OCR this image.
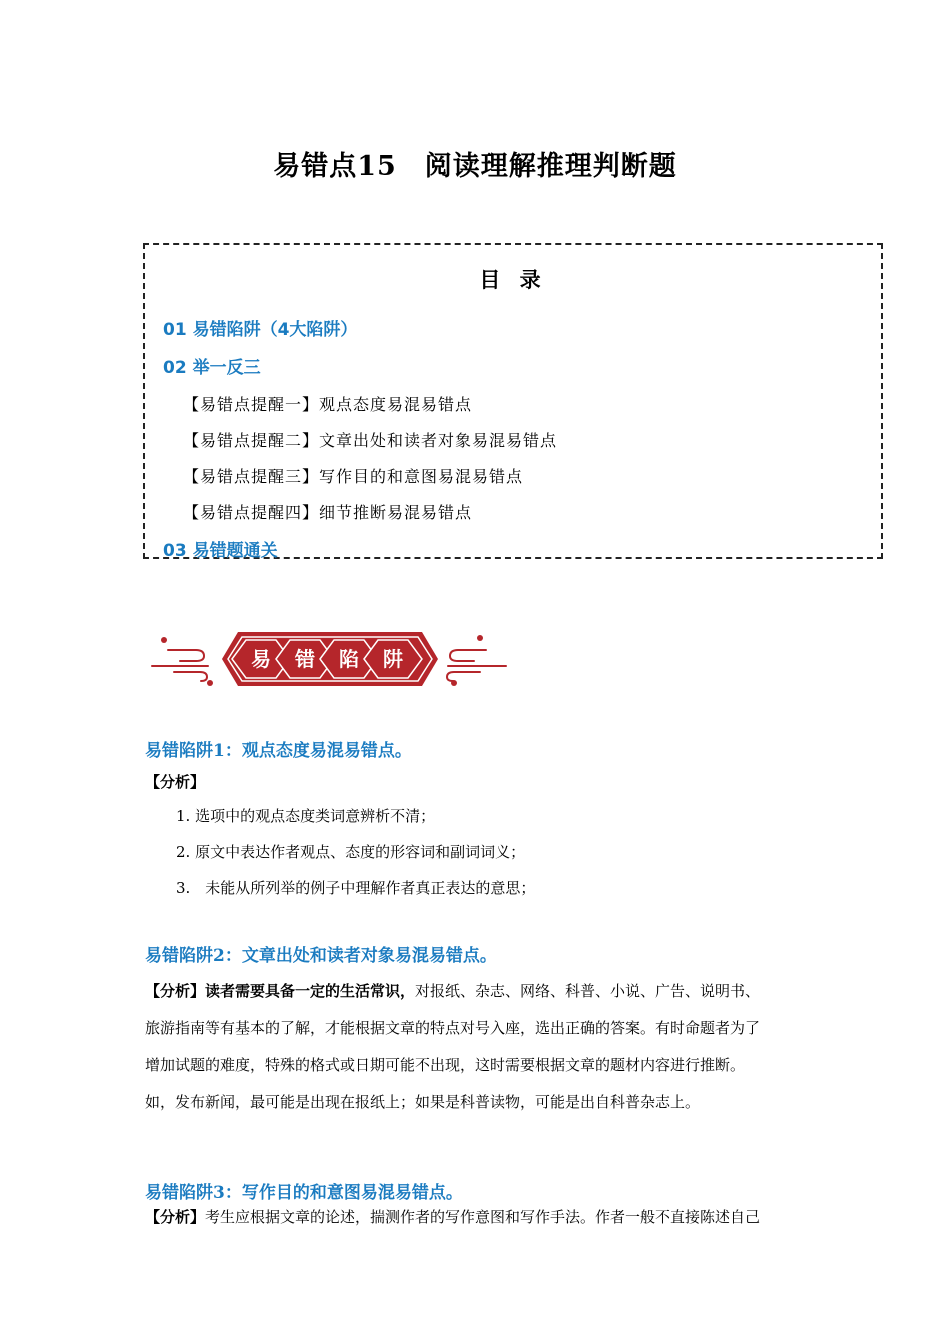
易错点15　阅读理解推理判断题
目 录
01 易错陷阱（4大陷阱）
02 举一反三
【易错点提醒一】观点态度易混易错点
【易错点提醒二】文章出处和读者对象易混易错点
【易错点提醒三】写作目的和意图易混易错点
【易错点提醒四】细节推断易混易错点
03 易错题通关
易 错 陷 阱
易错陷阱1：观点态度易混易错点。
【分析】
1. 选项中的观点态度类词意辨析不清；
2. 原文中表达作者观点、态度的形容词和副词词义；
3.　未能从所列举的例子中理解作者真正表达的意思；
易错陷阱2：文章出处和读者对象易混易错点。
【分析】读者需要具备一定的生活常识，对报纸、杂志、网络、科普、小说、广告、说明书、
旅游指南等有基本的了解，才能根据文章的特点对号入座，选出正确的答案。有时命题者为了
增加试题的难度，特殊的格式或日期可能不出现，这时需要根据文章的题材内容进行推断。
如，发布新闻，最可能是出现在报纸上；如果是科普读物，可能是出自科普杂志上。
易错陷阱3：写作目的和意图易混易错点。
【分析】考生应根据文章的论述，揣测作者的写作意图和写作手法。作者一般不直接陈述自己
